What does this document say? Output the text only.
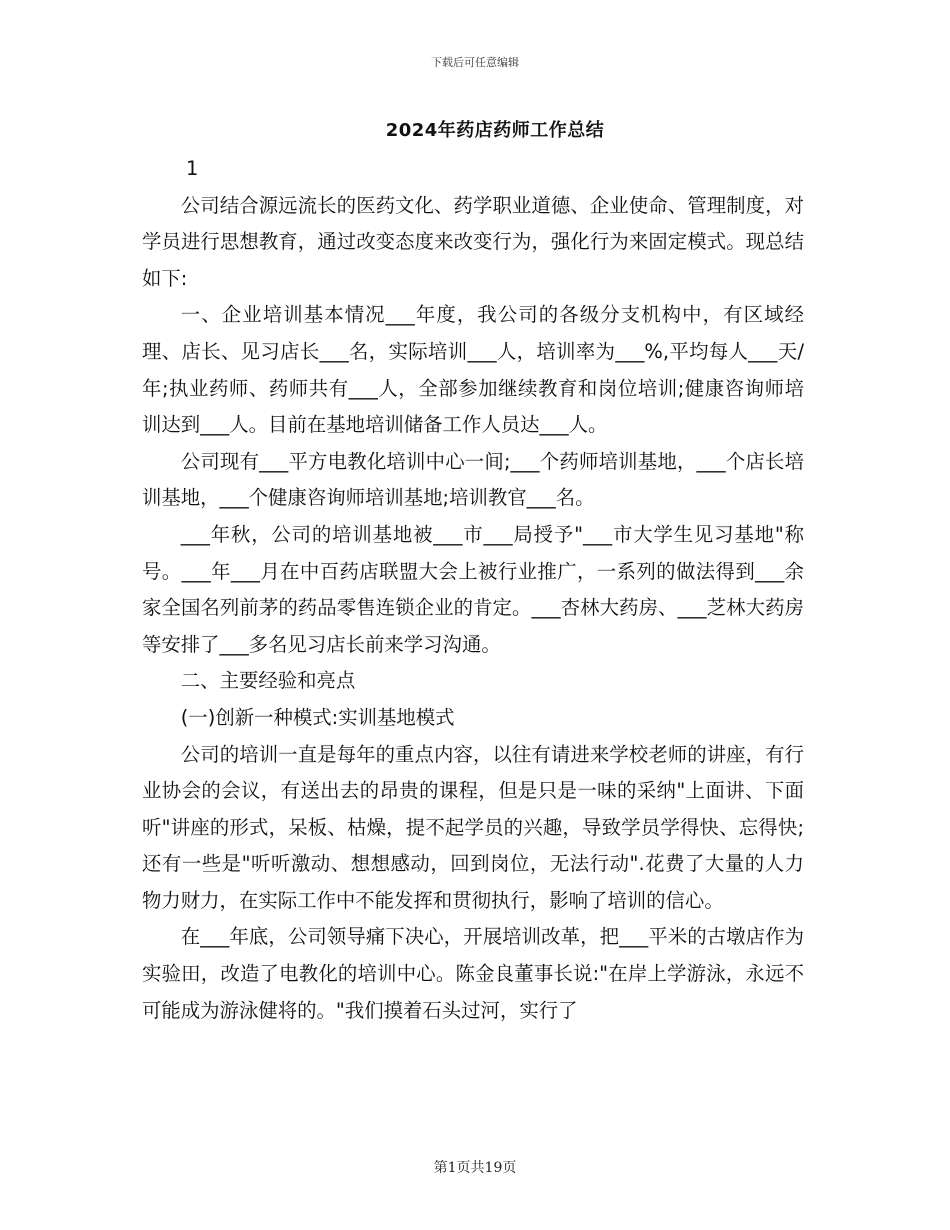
下载后可任意编辑
2024年药店药师工作总结

1

公司结合源远流长的医药文化、药学职业道德、企业使命、管理制度，对学员进行思想教育，通过改变态度来改变行为，强化行为来固定模式。现总结如下:

一、企业培训基本情况___年度，我公司的各级分支机构中，有区域经理、店长、见习店长___名，实际培训___人，培训率为___%,平均每人___天/年;执业药师、药师共有___人，全部参加继续教育和岗位培训;健康咨询师培训达到___人。目前在基地培训储备工作人员达___人。

公司现有___平方电教化培训中心一间;___个药师培训基地，___个店长培训基地，___个健康咨询师培训基地;培训教官___名。

___年秋，公司的培训基地被___市___局授予"___市大学生见习基地"称号。___年___月在中百药店联盟大会上被行业推广，一系列的做法得到___余家全国名列前茅的药品零售连锁企业的肯定。___杏林大药房、___芝林大药房等安排了___多名见习店长前来学习沟通。

二、主要经验和亮点

(一)创新一种模式:实训基地模式

公司的培训一直是每年的重点内容，以往有请进来学校老师的讲座，有行业协会的会议，有送出去的昂贵的课程，但是只是一味的采纳"上面讲、下面听"讲座的形式，呆板、枯燥，提不起学员的兴趣，导致学员学得快、忘得快;还有一些是"听听激动、想想感动，回到岗位，无法行动".花费了大量的人力物力财力，在实际工作中不能发挥和贯彻执行，影响了培训的信心。

在___年底，公司领导痛下决心，开展培训改革，把___平米的古墩店作为实验田，改造了电教化的培训中心。陈金良董事长说:"在岸上学游泳，永远不可能成为游泳健将的。"我们摸着石头过河，实行了

第1页共19页
